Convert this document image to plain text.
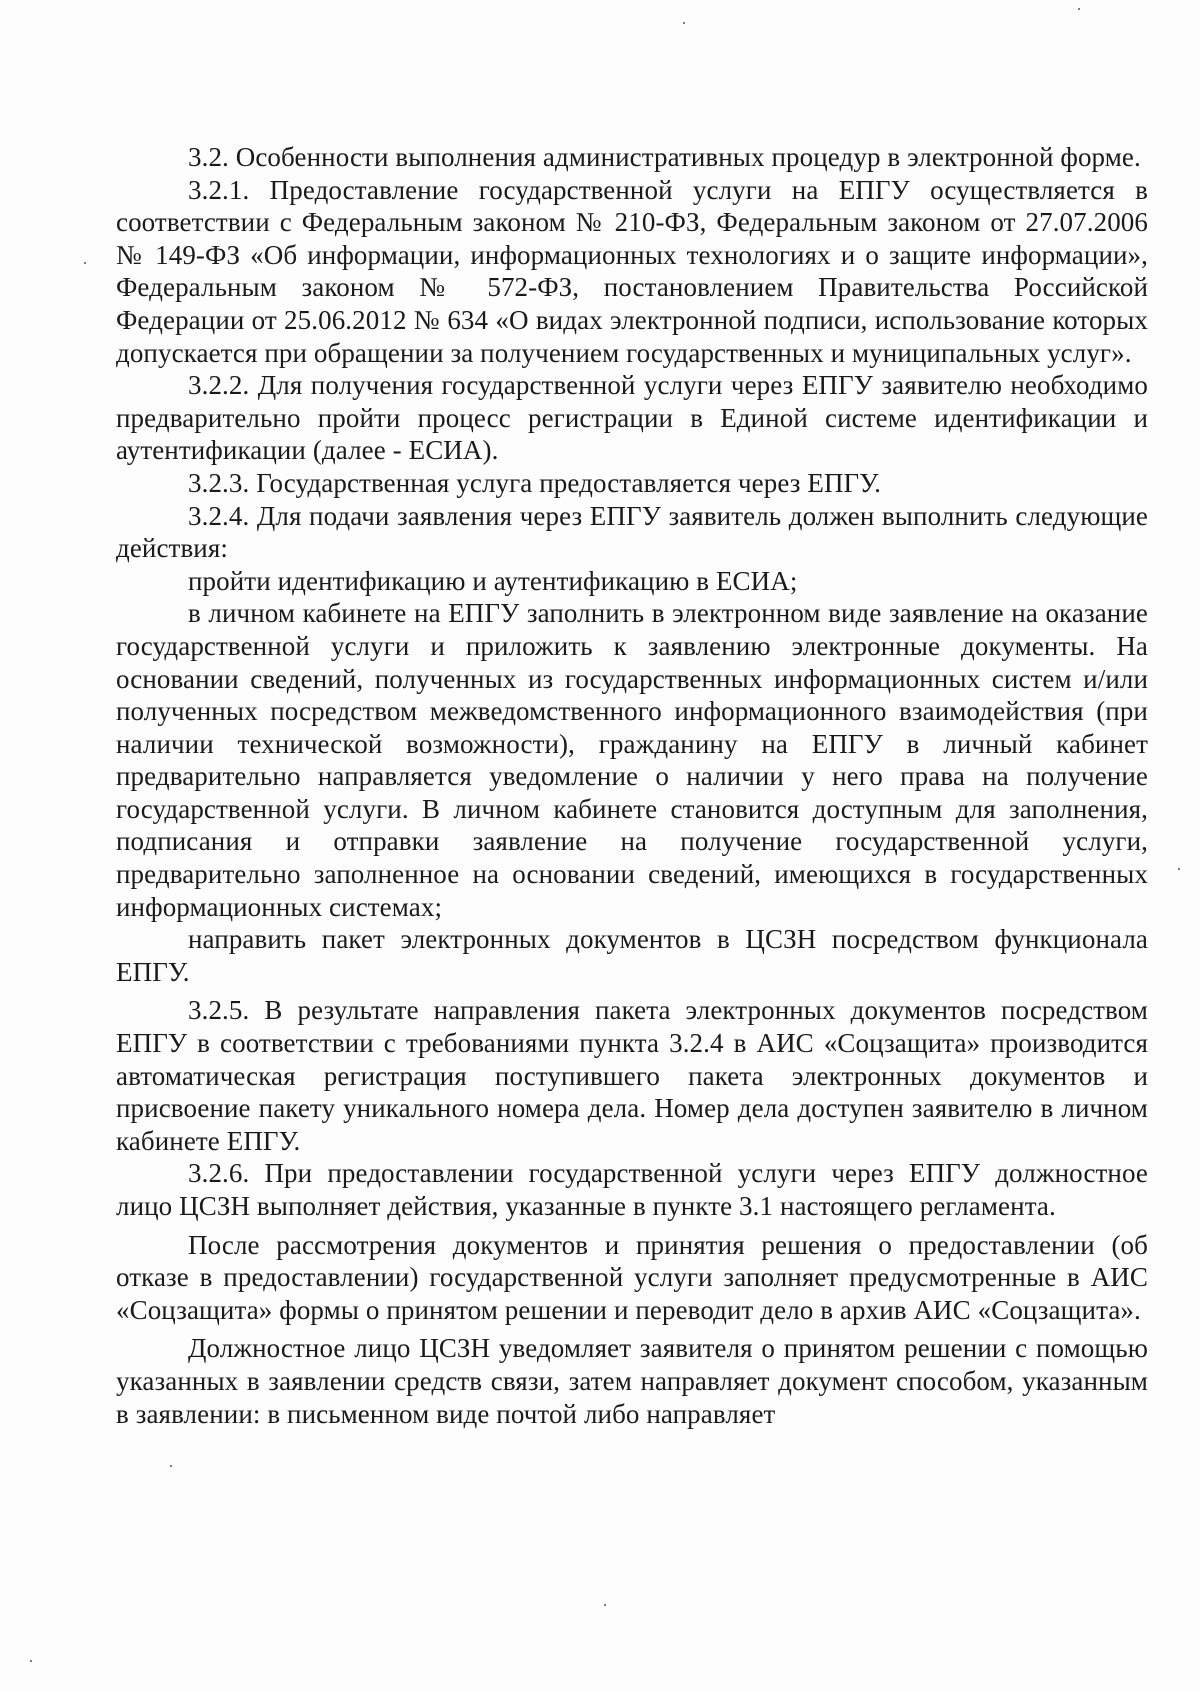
3.2. Особенности выполнения административных процедур в электронной форме.

3.2.1. Предоставление государственной услуги на ЕПГУ осуществляется в соответствии с Федеральным законом № 210-ФЗ, Федеральным законом от 27.07.2006 № 149-ФЗ «Об информации, информационных технологиях и о защите информации», Федеральным законом № 572-ФЗ, постановлением Правительства Российской Федерации от 25.06.2012 № 634 «О видах электронной подписи, использование которых допускается при обращении за получением государственных и муниципальных услуг».

3.2.2. Для получения государственной услуги через ЕПГУ заявителю необходимо предварительно пройти процесс регистрации в Единой системе идентификации и аутентификации (далее - ЕСИА).

3.2.3. Государственная услуга предоставляется через ЕПГУ.

3.2.4. Для подачи заявления через ЕПГУ заявитель должен выполнить следующие действия:

пройти идентификацию и аутентификацию в ЕСИА;

в личном кабинете на ЕПГУ заполнить в электронном виде заявление на оказание государственной услуги и приложить к заявлению электронные документы. На основании сведений, полученных из государственных информационных систем и/или полученных посредством межведомственного информационного взаимодействия (при наличии технической возможности), гражданину на ЕПГУ в личный кабинет предварительно направляется уведомление о наличии у него права на получение государственной услуги. В личном кабинете становится доступным для заполнения, подписания и отправки заявление на получение государственной услуги, предварительно заполненное на основании сведений, имеющихся в государственных информационных системах;

направить пакет электронных документов в ЦСЗН посредством функционала ЕПГУ.

3.2.5. В результате направления пакета электронных документов посредством ЕПГУ в соответствии с требованиями пункта 3.2.4 в АИС «Соцзащита» производится автоматическая регистрация поступившего пакета электронных документов и присвоение пакету уникального номера дела. Номер дела доступен заявителю в личном кабинете ЕПГУ.

3.2.6. При предоставлении государственной услуги через ЕПГУ должностное лицо ЦСЗН выполняет действия, указанные в пункте 3.1 настоящего регламента.

После рассмотрения документов и принятия решения о предоставлении (об отказе в предоставлении) государственной услуги заполняет предусмотренные в АИС «Соцзащита» формы о принятом решении и переводит дело в архив АИС «Соцзащита».

Должностное лицо ЦСЗН уведомляет заявителя о принятом решении с помощью указанных в заявлении средств связи, затем направляет документ способом, указанным в заявлении: в письменном виде почтой либо направляет
